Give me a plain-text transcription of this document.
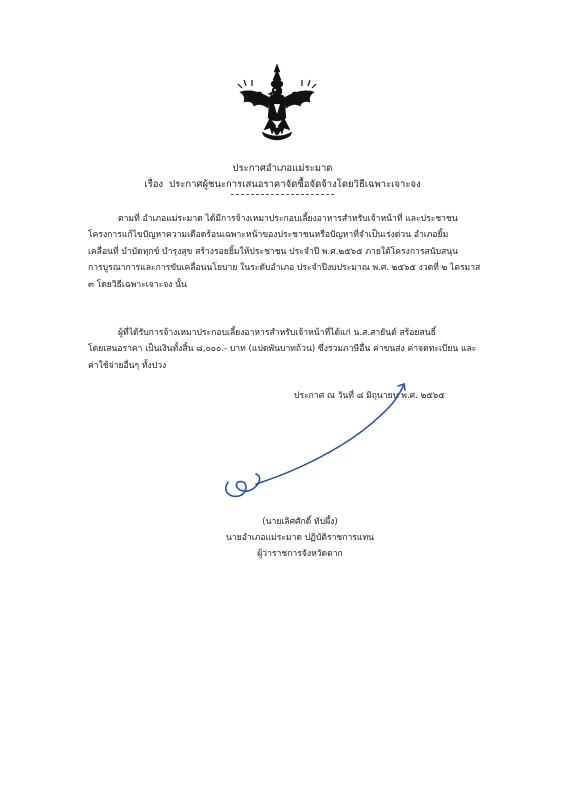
ประกาศอำเภอแม่ระมาด
เรื่อง ประกาศผู้ชนะการเสนอราคาจัดซื้อจัดจ้างโดยวิธีเฉพาะเจาะจง
ตามที่ อำเภอแม่ระมาด ได้มีการจ้างเหมาประกอบเลี้ยงอาหารสำหรับเจ้าหน้าที่ และประชาชน
โครงการแก้ไขปัญหาความเดือดร้อนเฉพาะหน้าของประชาชนหรือปัญหาที่จำเป็นเร่งด่วน อำเภอยิ้ม
เคลื่อนที่ บำบัดทุกข์ บำรุงสุข สร้างรอยยิ้มให้ประชาชน ประจำปี พ.ศ.๒๕๖๕ ภายใต้โครงการสนับสนุน
การบูรณาการและการขับเคลื่อนนโยบาย ในระดับอำเภอ ประจำปีงบประมาณ พ.ศ. ๒๕๖๕ งวดที่ ๒ ไตรมาส
๓ โดยวิธีเฉพาะเจาะจง นั้น
ผู้ที่ได้รับการจ้างเหมาประกอบเลี้ยงอาหารสำหรับเจ้าหน้าที่ได้แก่ น.ส.สายันต์ สร้อยสนธิ์
โดยเสนอราคา เป็นเงินทั้งสิ้น ๘,๐๐๐.- บาท (แปดพันบาทถ้วน) ซึ่งรวมภาษีอื่น ค่าขนส่ง ค่าจดทะเบียน และ
ค่าใช้จ่ายอื่นๆ ทั้งปวง
ประกาศ ณ วันที่ ๘ มิถุนายน พ.ศ. ๒๕๖๕
(นายเลิศศักดิ์ ทับผึ้ง)
นายอำเภอแม่ระมาด ปฏิบัติราชการแทน
ผู้ว่าราชการจังหวัดตาก
